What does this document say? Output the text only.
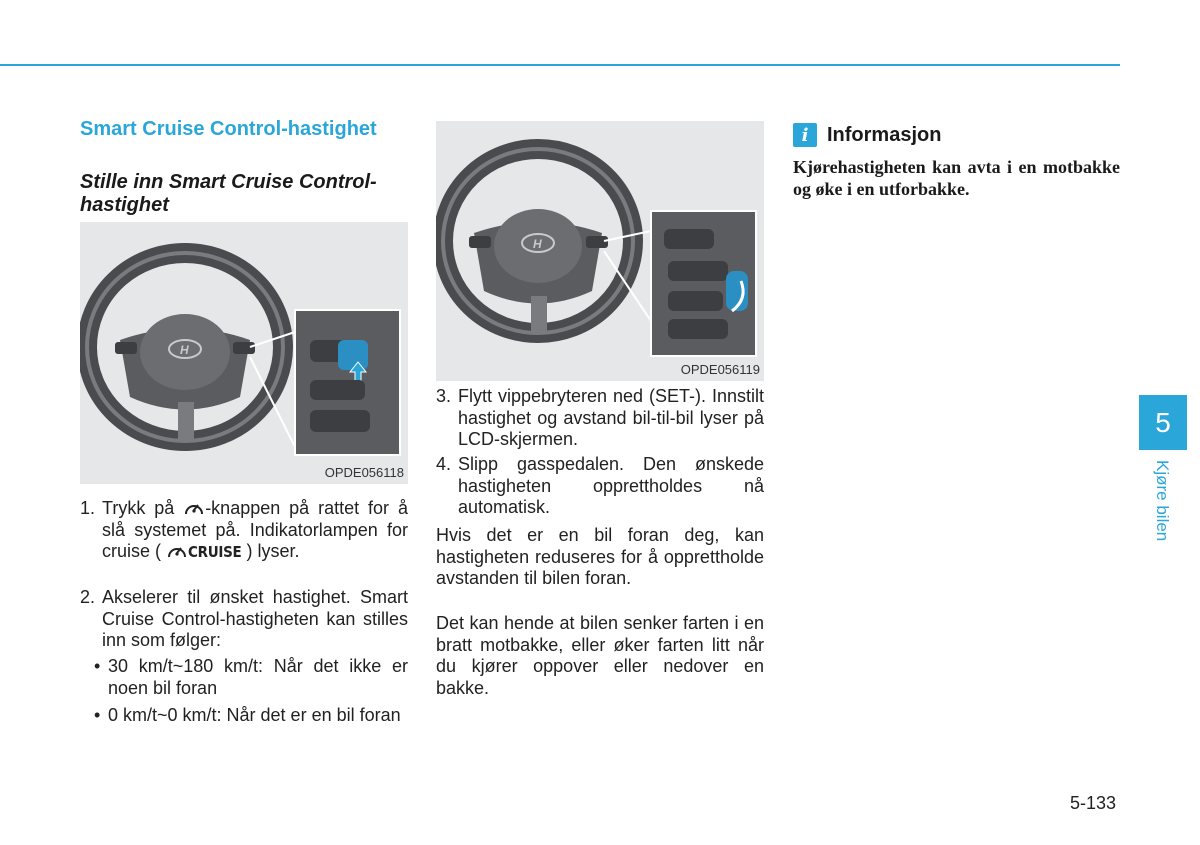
Smart Cruise Control-hastighet
Stille inn Smart Cruise Control-hastighet
H
OPDE056118
1. Trykk på -knappen på rattet for å slå systemet på. Indikatorlampen for cruise ( CRUISE ) lyser.
2. Akselerer til ønsket hastighet. Smart Cruise Control-hastigheten kan stilles inn som følger:
• 30 km/t~180 km/t: Når det ikke er noen bil foran
• 0 km/t~0 km/t: Når det er en bil foran
H
OPDE056119
3. Flytt vippebryteren ned (SET-). Innstilt hastighet og avstand bil-til-bil lyser på LCD-skjermen.
4. Slipp gasspedalen. Den ønskede hastigheten opprettholdes nå automatisk.
Hvis det er en bil foran deg, kan hastigheten reduseres for å opprettholde avstanden til bilen foran.
Det kan hende at bilen senker farten i en bratt motbakke, eller øker farten litt når du kjører oppover eller nedover en bakke.
i Informasjon
Kjørehastigheten kan avta i en motbakke og øke i en utforbakke.
5
Kjøre bilen
5-133
